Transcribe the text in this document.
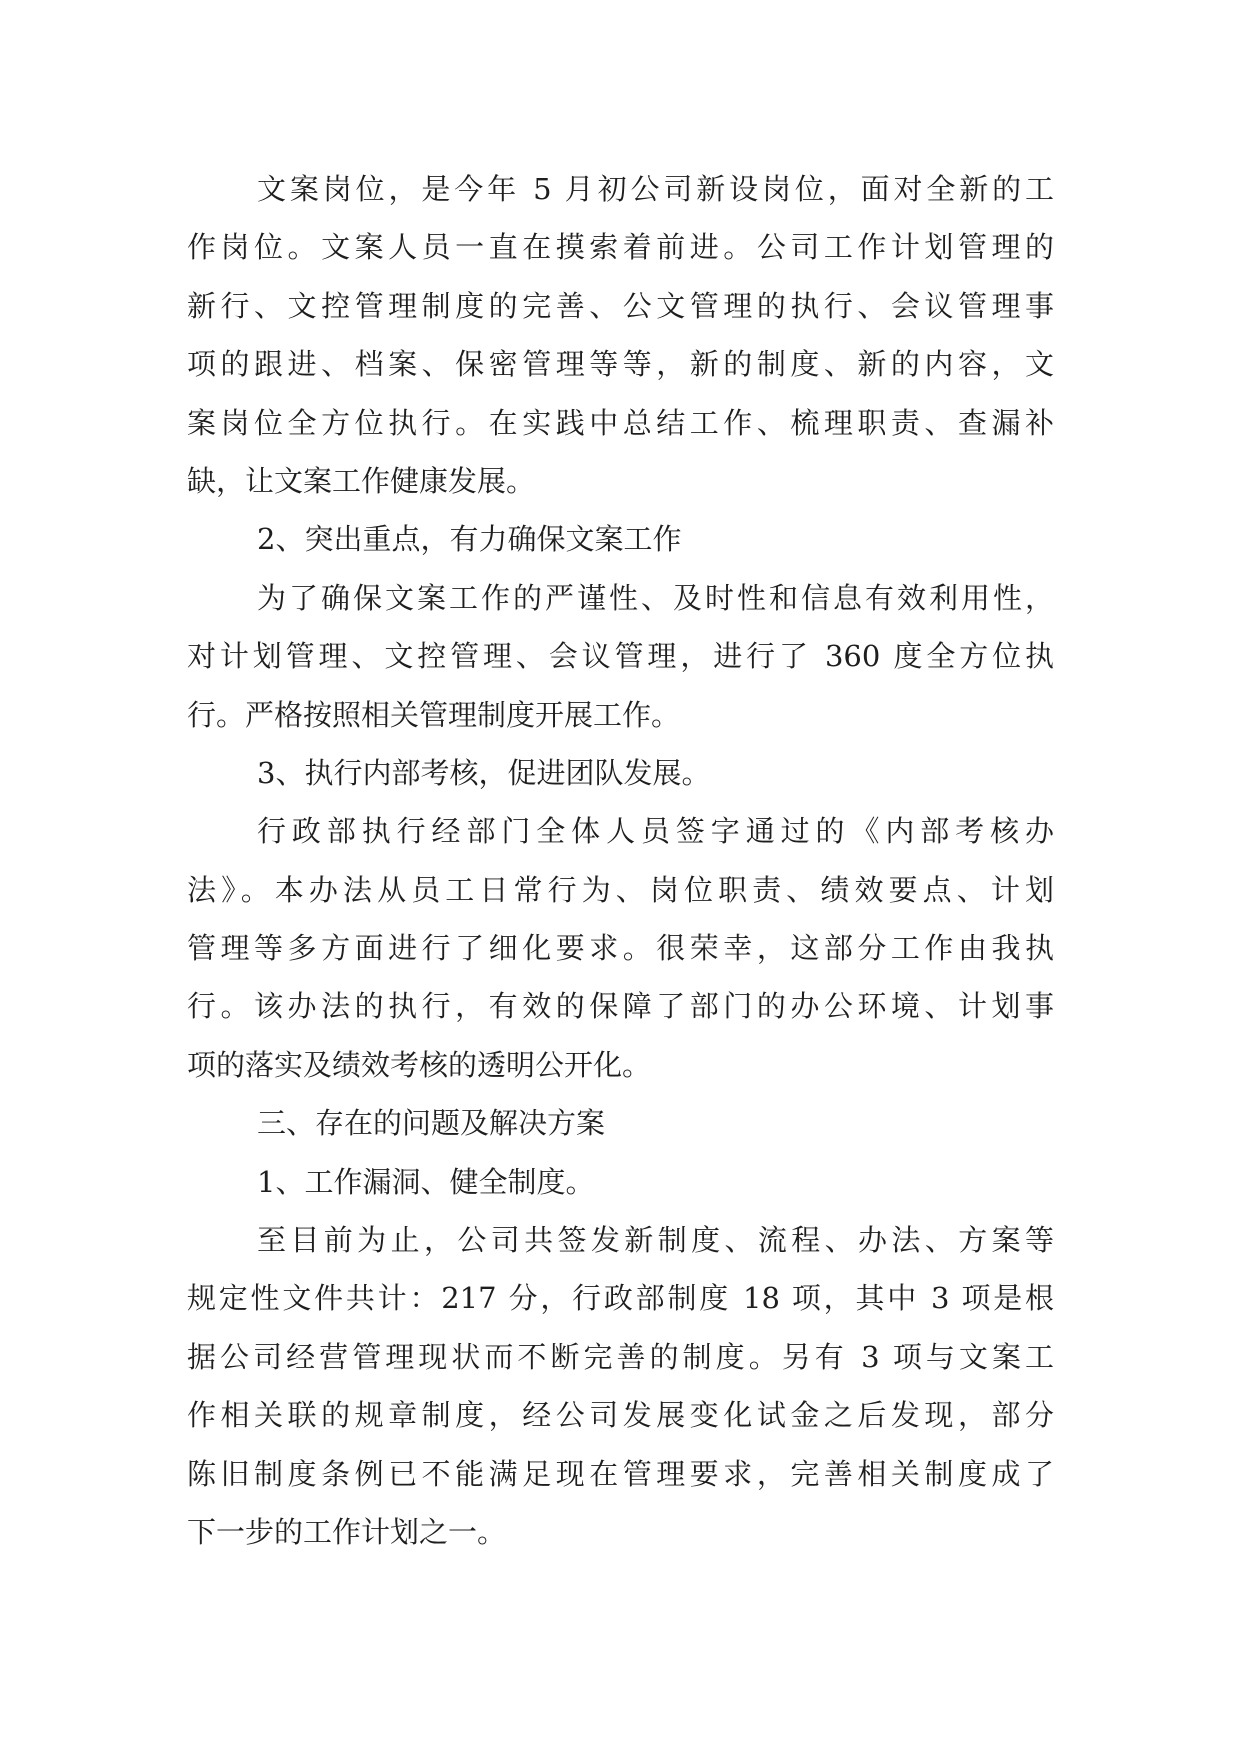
文案岗位，是今年 5 月初公司新设岗位，面对全新的工
作岗位。文案人员一直在摸索着前进。公司工作计划管理的
新行、文控管理制度的完善、公文管理的执行、会议管理事
项的跟进、档案、保密管理等等，新的制度、新的内容，文
案岗位全方位执行。在实践中总结工作、梳理职责、查漏补
缺，让文案工作健康发展。
2、突出重点，有力确保文案工作
为了确保文案工作的严谨性、及时性和信息有效利用性，
对计划管理、文控管理、会议管理，进行了 360 度全方位执
行。严格按照相关管理制度开展工作。
3、执行内部考核，促进团队发展。
行政部执行经部门全体人员签字通过的《内部考核办
法》。本办法从员工日常行为、岗位职责、绩效要点、计划
管理等多方面进行了细化要求。很荣幸，这部分工作由我执
行。该办法的执行，有效的保障了部门的办公环境、计划事
项的落实及绩效考核的透明公开化。
三、存在的问题及解决方案
1、工作漏洞、健全制度。
至目前为止，公司共签发新制度、流程、办法、方案等
规定性文件共计：217 分，行政部制度 18 项，其中 3 项是根
据公司经营管理现状而不断完善的制度。另有 3 项与文案工
作相关联的规章制度，经公司发展变化试金之后发现，部分
陈旧制度条例已不能满足现在管理要求，完善相关制度成了
下一步的工作计划之一。
